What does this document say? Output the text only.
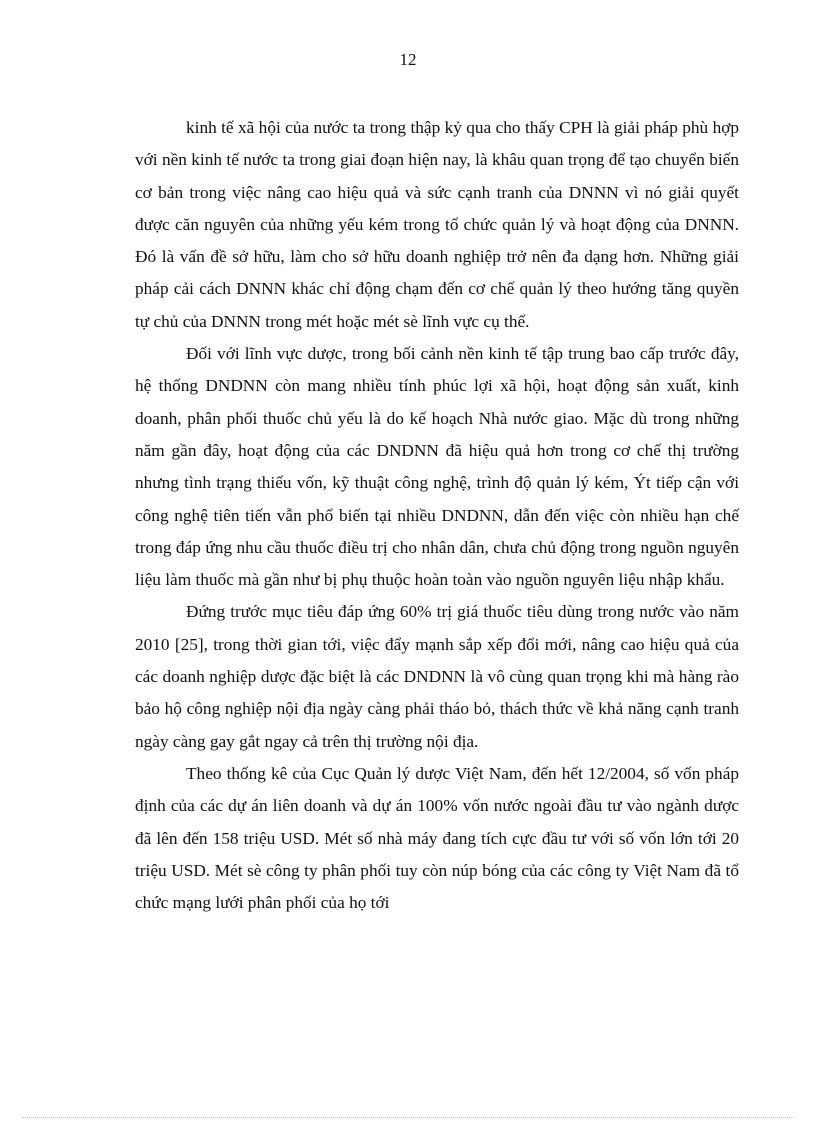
12

kinh tế xã hội của nước ta trong thập kỷ qua cho thấy CPH là giải pháp phù hợp với nền kinh tế nước ta trong giai đoạn hiện nay, là khâu quan trọng để tạo chuyển biến cơ bản trong việc nâng cao hiệu quả và sức cạnh tranh của DNNN vì nó giải quyết được căn nguyên của những yếu kém trong tổ chức quản lý và hoạt động của DNNN. Đó là vấn đề sở hữu, làm cho sở hữu doanh nghiệp trở nên đa dạng hơn. Những giải pháp cải cách DNNN khác chỉ động chạm đến cơ chế quản lý theo hướng tăng quyền tự chủ của DNNN trong mét hoặc mét sè lĩnh vực cụ thể.

Đối với lĩnh vực dược, trong bối cảnh nền kinh tế tập trung bao cấp trước đây, hệ thống DNDNN còn mang nhiều tính phúc lợi xã hội, hoạt động sản xuất, kinh doanh, phân phối thuốc chủ yếu là do kế hoạch Nhà nước giao. Mặc dù trong những năm gần đây, hoạt động của các DNDNN đã hiệu quả hơn trong cơ chế thị trường nhưng tình trạng thiếu vốn, kỹ thuật công nghệ, trình độ quản lý kém, Ýt tiếp cận với công nghệ tiên tiến vẫn phổ biến tại nhiều DNDNN, dẫn đến việc còn nhiều hạn chế trong đáp ứng nhu cầu thuốc điều trị cho nhân dân, chưa chủ động trong nguồn nguyên liệu làm thuốc mà gần như bị phụ thuộc hoàn toàn vào nguồn nguyên liệu nhập khẩu.

Đứng trước mục tiêu đáp ứng 60% trị giá thuốc tiêu dùng trong nước vào năm 2010 [25], trong thời gian tới, việc đẩy mạnh sắp xếp đổi mới, nâng cao hiệu quả của các doanh nghiệp dược đặc biệt là các DNDNN là vô cùng quan trọng khi mà hàng rào bảo hộ công nghiệp nội địa ngày càng phải tháo bỏ, thách thức về khả năng cạnh tranh ngày càng gay gắt ngay cả trên thị trường nội địa.

Theo thống kê của Cục Quản lý dược Việt Nam, đến hết 12/2004, số vốn pháp định của các dự án liên doanh và dự án 100% vốn nước ngoài đầu tư vào ngành dược đã lên đến 158 triệu USD. Mét số nhà máy đang tích cực đầu tư với số vốn lớn tới 20 triệu USD. Mét sè công ty phân phối tuy còn núp bóng của các công ty Việt Nam đã tổ chức mạng lưới phân phối của họ tới
